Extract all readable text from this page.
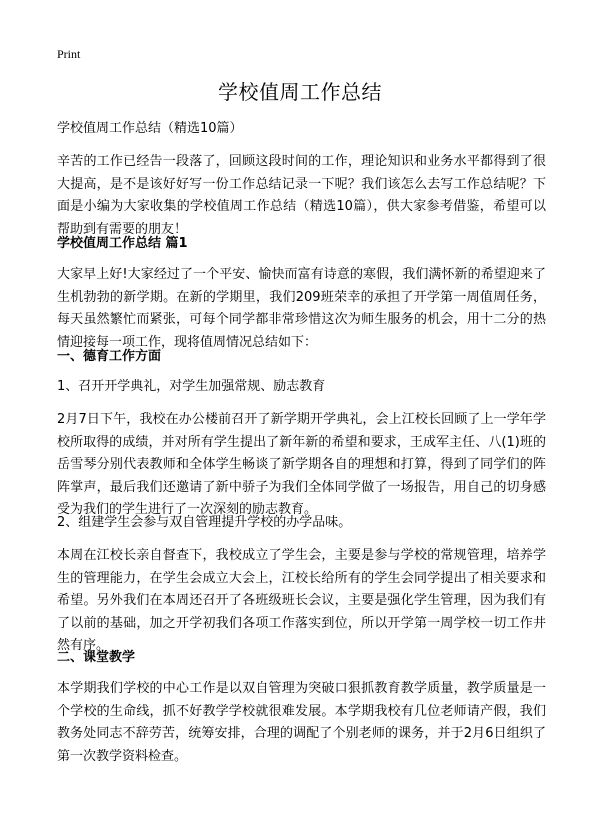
Print
学校值周工作总结

学校值周工作总结（精选10篇）

辛苦的工作已经告一段落了，回顾这段时间的工作，理论知识和业务水平都得到了很大提高，是不是该好好写一份工作总结记录一下呢？我们该怎么去写工作总结呢？下面是小编为大家收集的学校值周工作总结（精选10篇），供大家参考借鉴，希望可以帮助到有需要的朋友！

学校值周工作总结 篇1

大家早上好!大家经过了一个平安、愉快而富有诗意的寒假，我们满怀新的希望迎来了生机勃勃的新学期。在新的学期里，我们209班荣幸的承担了开学第一周值周任务，每天虽然繁忙而紧张，可每个同学都非常珍惜这次为师生服务的机会，用十二分的热情迎接每一项工作，现将值周情况总结如下：

一、德育工作方面

1、召开开学典礼，对学生加强常规、励志教育

2月7日下午，我校在办公楼前召开了新学期开学典礼，会上江校长回顾了上一学年学校所取得的成绩，并对所有学生提出了新年新的希望和要求，王成军主任、八(1)班的岳雪琴分别代表教师和全体学生畅谈了新学期各自的理想和打算，得到了同学们的阵阵掌声，最后我们还邀请了新中骄子为我们全体同学做了一场报告，用自己的切身感受为我们的学生进行了一次深刻的励志教育。

2、组建学生会参与双自管理提升学校的办学品味。

本周在江校长亲自督查下，我校成立了学生会，主要是参与学校的常规管理，培养学生的管理能力，在学生会成立大会上，江校长给所有的学生会同学提出了相关要求和希望。另外我们在本周还召开了各班级班长会议，主要是强化学生管理，因为我们有了以前的基础，加之开学初我们各项工作落实到位，所以开学第一周学校一切工作井然有序。

二、课堂教学

本学期我们学校的中心工作是以双自管理为突破口狠抓教育教学质量，教学质量是一个学校的生命线，抓不好教学学校就很难发展。本学期我校有几位老师请产假，我们教务处同志不辞劳苦，统筹安排，合理的调配了个别老师的课务，并于2月6日组织了第一次教学资料检查。
